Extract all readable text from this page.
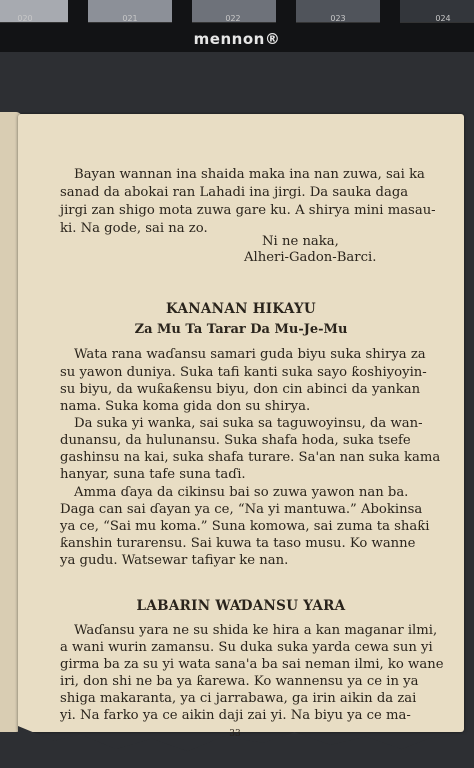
020	021	022	023	024
mennon®
Bayan wannan ina shaida maka ina nan zuwa, sai ka
sanad da abokai ran Lahadi ina jirgi. Da sauka daga
jirgi zan shigo mota zuwa gare ku. A shirya mini masau-
ki. Na gode, sai na zo.
Ni ne naka,
Alheri-Gadon-Barci.
KANANAN HIKAYU
Za Mu Ta Tarar Da Mu-Je-Mu
Wata rana waɗansu samari guda biyu suka shirya za
su yawon duniya. Suka tafi kanti suka sayo ƙoshiyoyin-
su biyu, da wuƙaƙensu biyu, don cin abinci da yankan
nama. Suka koma gida don su shirya.
Da suka yi wanka, sai suka sa taguwoyinsu, da wan-
dunansu, da hulunansu. Suka shafa hoda, suka tsefe
gashinsu na kai, suka shafa turare. Sa'an nan suka kama
hanyar, suna tafe suna taɗi.
Amma ɗaya da cikinsu bai so zuwa yawon nan ba.
Daga can sai ɗayan ya ce, “Na yi mantuwa.” Abokinsa
ya ce, “Sai mu koma.” Suna komowa, sai zuma ta shaƙi
ƙanshin turarensu. Sai kuwa ta taso musu. Ko wanne
ya gudu. Watsewar tafiyar ke nan.
LABARIN WAƊANSU YARA
Waɗansu yara ne su shida ke hira a kan maganar ilmi,
a wani wurin zamansu. Su duka suka yarda cewa sun yi
girma ba za su yi wata sana'a ba sai neman ilmi, ko wane
iri, don shi ne ba ya ƙarewa. Ko wannensu ya ce in ya
shiga makaranta, ya ci jarrabawa, ga irin aikin da zai
yi. Na farko ya ce aikin daji zai yi. Na biyu ya ce ma-
33
